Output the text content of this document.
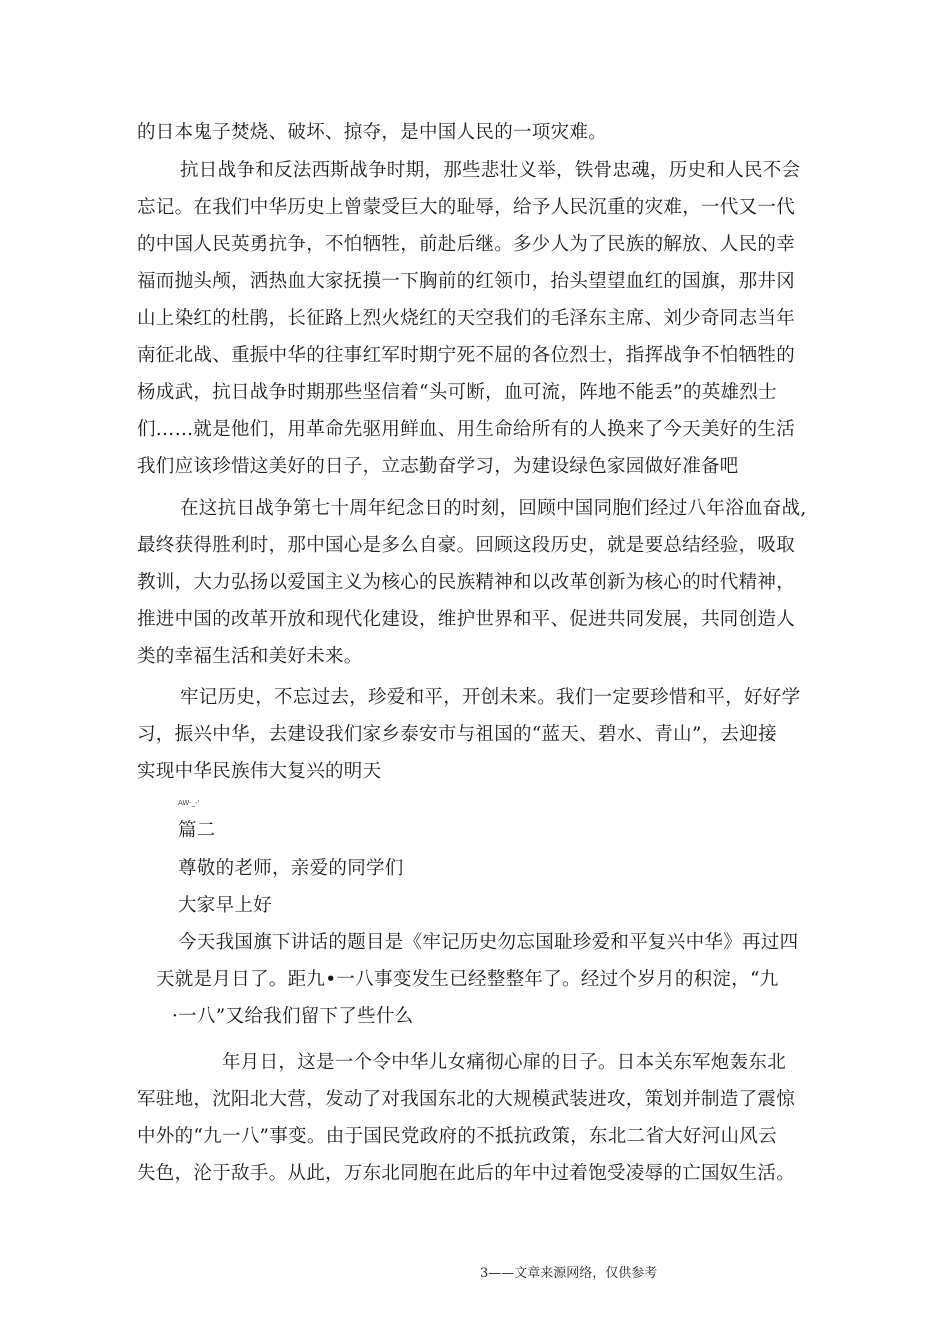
的日本鬼子焚烧、破坏、掠夺，是中国人民的一项灾难。
抗日战争和反法西斯战争时期，那些悲壮义举，铁骨忠魂，历史和人民不会
忘记。在我们中华历史上曾蒙受巨大的耻辱，给予人民沉重的灾难，一代又一代
的中国人民英勇抗争，不怕牺牲，前赴后继。多少人为了民族的解放、人民的幸
福而抛头颅，洒热血大家抚摸一下胸前的红领巾，抬头望望血红的国旗，那井冈
山上染红的杜鹃，长征路上烈火烧红的天空我们的毛泽东主席、刘少奇同志当年
南征北战、重振中华的往事红军时期宁死不屈的各位烈士，指挥战争不怕牺牲的
杨成武，抗日战争时期那些坚信着“头可断，血可流，阵地不能丢”的英雄烈士
们……就是他们，用革命先驱用鲜血、用生命给所有的人换来了今天美好的生活
我们应该珍惜这美好的日子，立志勤奋学习，为建设绿色家园做好准备吧
在这抗日战争第七十周年纪念日的时刻，回顾中国同胞们经过八年浴血奋战,
最终获得胜利时，那中国心是多么自豪。回顾这段历史，就是要总结经验，吸取
教训，大力弘扬以爱国主义为核心的民族精神和以改革创新为核心的时代精神，
推进中国的改革开放和现代化建设，维护世界和平、促进共同发展，共同创造人
类的幸福生活和美好未来。
牢记历史，不忘过去，珍爱和平，开创未来。我们一定要珍惜和平，好好学
习，振兴中华，去建设我们家乡泰安市与祖国的“蓝天、碧水、青山”，去迎接
实现中华民族伟大复兴的明天
AW-_-'
篇二
尊敬的老师，亲爱的同学们
大家早上好
今天我国旗下讲话的题目是《牢记历史勿忘国耻珍爱和平复兴中华》再过四
天就是月日了。距九•一八事变发生已经整整年了。经过个岁月的积淀，“九
·一八”又给我们留下了些什么
年月日，这是一个令中华儿女痛彻心扉的日子。日本关东军炮轰东北
军驻地，沈阳北大营，发动了对我国东北的大规模武装进攻，策划并制造了震惊
中外的“九一八”事变。由于国民党政府的不抵抗政策，东北二省大好河山风云
失色，沦于敌手。从此，万东北同胞在此后的年中过着饱受凌辱的亡国奴生活。
3——文章来源网络，仅供参考
